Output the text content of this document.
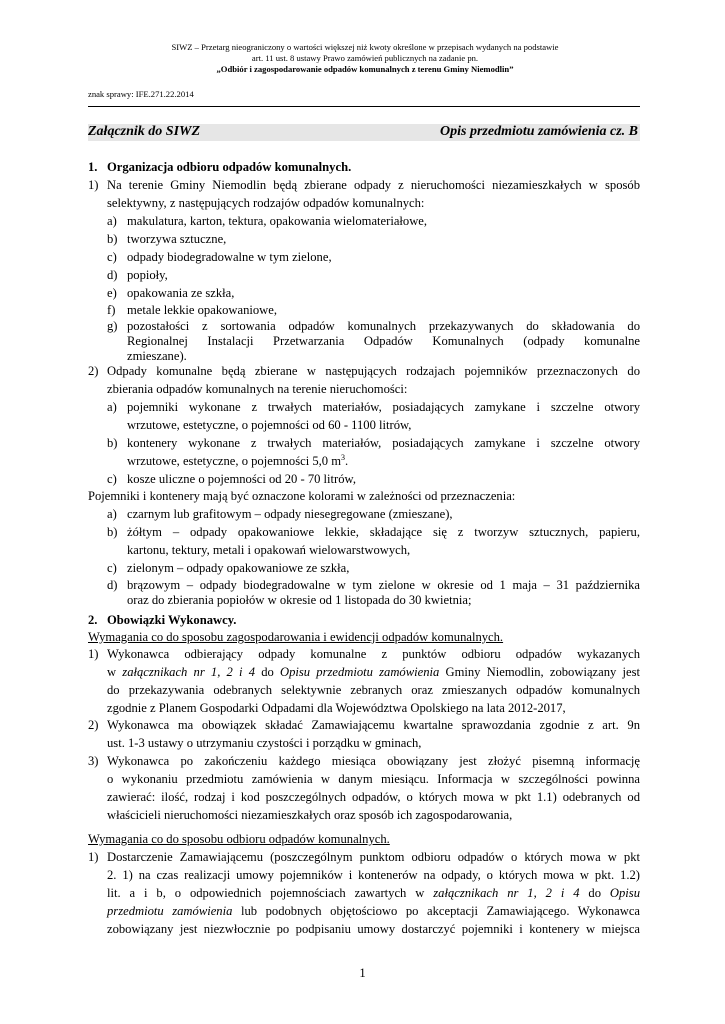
SIWZ – Przetarg nieograniczony o wartości większej niż kwoty określone w przepisach wydanych na podstawie
art. 11 ust. 8 ustawy Prawo zamówień publicznych na zadanie pn.
„Odbiór i zagospodarowanie odpadów komunalnych z terenu Gminy Niemodlin”
znak sprawy: IFE.271.22.2014
Załącznik do SIWZ	Opis przedmiotu zamówienia cz. B
1. Organizacja odbioru odpadów komunalnych.
1) Na terenie Gminy Niemodlin będą zbierane odpady z nieruchomości niezamieszkałych w sposób
selektywny, z następujących rodzajów odpadów komunalnych:
a) makulatura, karton, tektura, opakowania wielomateriałowe,
b) tworzywa sztuczne,
c) odpady biodegradowalne w tym zielone,
d) popioły,
e) opakowania ze szkła,
f) metale lekkie opakowaniowe,
g) pozostałości z sortowania odpadów komunalnych przekazywanych do składowania do
Regionalnej Instalacji Przetwarzania Odpadów Komunalnych (odpady komunalne
zmieszane).
2) Odpady komunalne będą zbierane w następujących rodzajach pojemników przeznaczonych do
zbierania odpadów komunalnych na terenie nieruchomości:
a) pojemniki wykonane z trwałych materiałów, posiadających zamykane i szczelne otwory
wrzutowe, estetyczne, o pojemności od 60 - 1100 litrów,
b) kontenery wykonane z trwałych materiałów, posiadających zamykane i szczelne otwory
wrzutowe, estetyczne, o pojemności 5,0 $m^3$.
c) kosze uliczne o pojemności od 20 - 70 litrów,
Pojemniki i kontenery mają być oznaczone kolorami w zależności od przeznaczenia:
a) czarnym lub grafitowym – odpady niesegregowane (zmieszane),
b) żółtym – odpady opakowaniowe lekkie, składające się z tworzyw sztucznych, papieru,
kartonu, tektury, metali i opakowań wielowarstwowych,
c) zielonym – odpady opakowaniowe ze szkła,
d) brązowym – odpady biodegradowalne w tym zielone w okresie od 1 maja – 31 października
oraz do zbierania popiołów w okresie od 1 listopada do 30 kwietnia;
2. Obowiązki Wykonawcy.
Wymagania co do sposobu zagospodarowania i ewidencji odpadów komunalnych.
1) Wykonawca odbierający odpady komunalne z punktów odbioru odpadów wykazanych
w załącznikach nr 1, 2 i 4 do Opisu przedmiotu zamówienia Gminy Niemodlin, zobowiązany jest
do przekazywania odebranych selektywnie zebranych oraz zmieszanych odpadów komunalnych
zgodnie z Planem Gospodarki Odpadami dla Województwa Opolskiego na lata 2012-2017,
2) Wykonawca ma obowiązek składać Zamawiającemu kwartalne sprawozdania zgodnie z art. 9n
ust. 1-3 ustawy o utrzymaniu czystości i porządku w gminach,
3) Wykonawca po zakończeniu każdego miesiąca obowiązany jest złożyć pisemną informację
o wykonaniu przedmiotu zamówienia w danym miesiącu. Informacja w szczególności powinna
zawierać: ilość, rodzaj i kod poszczególnych odpadów, o których mowa w pkt 1.1) odebranych od
właścicieli nieruchomości niezamieszkałych oraz sposób ich zagospodarowania,
Wymagania co do sposobu odbioru odpadów komunalnych.
1) Dostarczenie Zamawiającemu (poszczególnym punktom odbioru odpadów o których mowa w pkt
2. 1) na czas realizacji umowy pojemników i kontenerów na odpady, o których mowa w pkt. 1.2)
lit. a i b, o odpowiednich pojemnościach zawartych w załącznikach nr 1, 2 i 4 do Opisu
przedmiotu zamówienia lub podobnych objętościowo po akceptacji Zamawiającego. Wykonawca
zobowiązany jest niezwłocznie po podpisaniu umowy dostarczyć pojemniki i kontenery w miejsca
1
